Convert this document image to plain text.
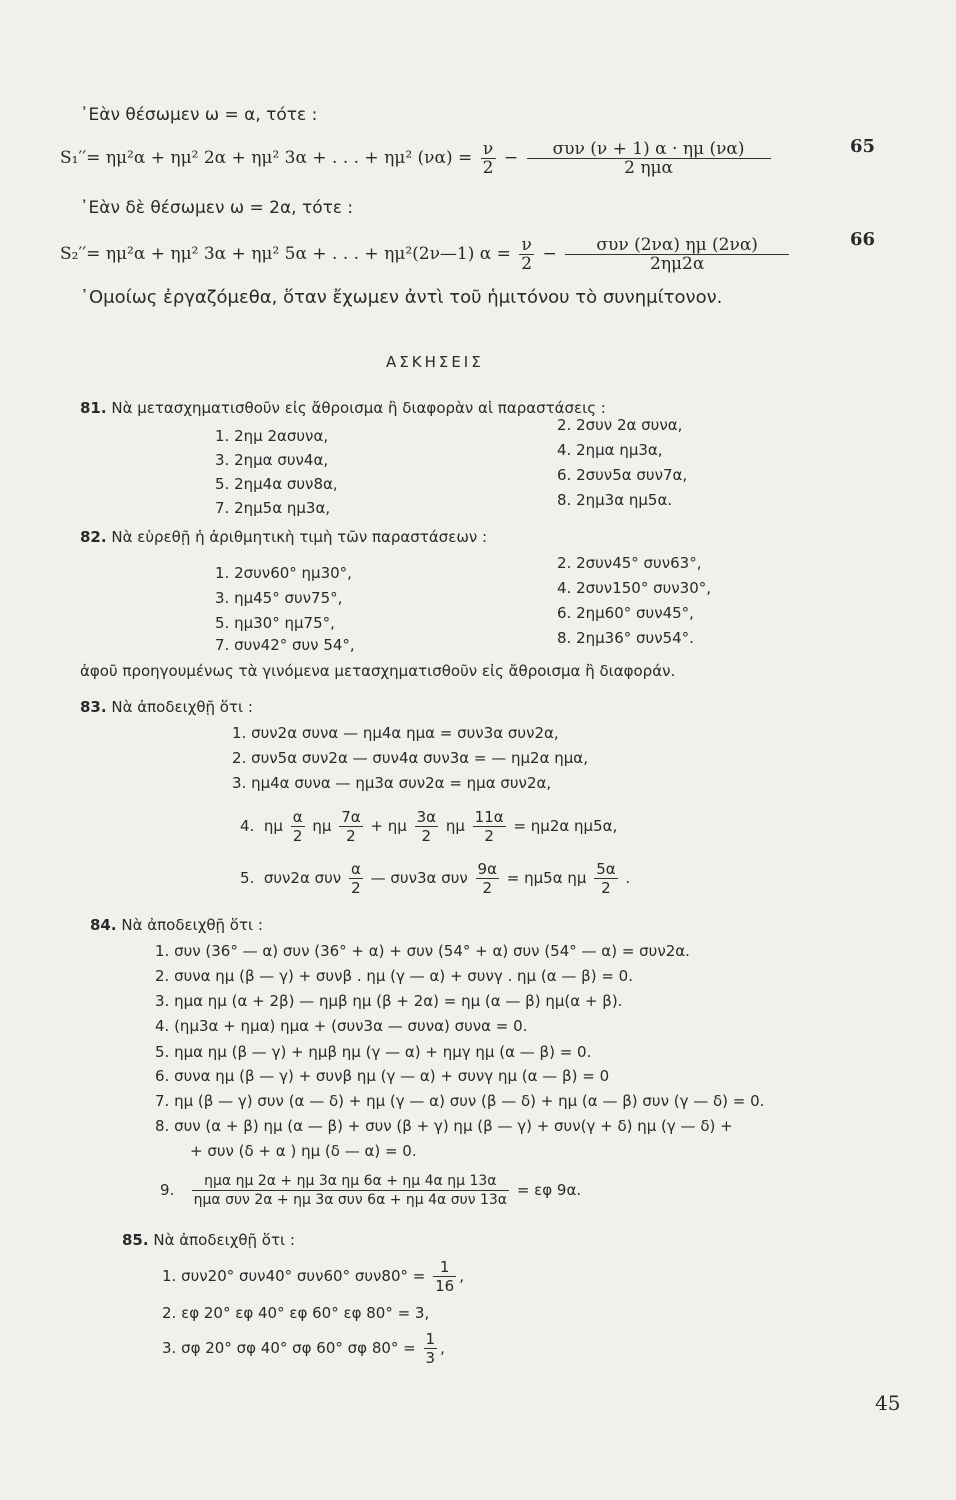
᾽Εὰν θέσωμεν ω = α, τότε :
S₁′′= ημ²α + ημ² 2α + ημ² 3α + . . . + ημ² $(\nu\alpha) = \frac{\nu}{2} - \frac{\text{συν (ν + 1) α · ημ (να)}}{\text{2 ημα}}$	65
᾽Εὰν δὲ θέσωμεν ω = 2α, τότε :
S₂′′= ημ²α + ημ² 3α + ημ² 5α + . . . + ημ²(2ν—1) $\alpha = \frac{\nu}{2} - \frac{\text{συν (2να) ημ (2να)}}{2\eta\mu 2\alpha}$	66
῾Ομοίως ἐργαζόμεθα, ὅταν ἔχωμεν ἀντὶ τοῦ ἡμιτόνου τὸ συνημίτονον.
ΑΣΚΗΣΕΙΣ
81. Νὰ μετασχηματισθοῦν εἰς ἄθροισμα ἢ διαφορὰν αἱ παραστάσεις :
1. 2ημ 2ασυνα,
3. 2ημα συν4α,
5. 2ημ4α συν8α,
7. 2ημ5α ημ3α,
2. 2συν 2α συνα,
4. 2ημα ημ3α,
6. 2συν5α συν7α,
8. 2ημ3α ημ5α.
82. Νὰ εὑρεθῇ ἡ ἀριθμητικὴ τιμὴ τῶν παραστάσεων :
1. 2συν60° ημ30°,
3. ημ45° συν75°,
5. ημ30° ημ75°,
7. συν42° συν 54°,
2. 2συν45° συν63°,
4. 2συν150° συν30°,
6. 2ημ60° συν45°,
8. 2ημ36° συν54°.
ἀφοῦ προηγουμένως τὰ γινόμενα μετασχηματισθοῦν εἰς ἄθροισμα ἢ διαφοράν.
83. Νὰ ἀποδειχθῇ ὅτι :
1. συν2α συνα — ημ4α ημα = συν3α συν2α,
2. συν5α συν2α — συν4α συν3α = — ημ2α ημα,
3. ημ4α συνα — ημ3α συν2α = ημα συν2α,
4. ημ $\frac{\alpha}{2}$ ημ $\frac{7\alpha}{2} + \eta\mu \frac{3\alpha}{2}$ ημ $\frac{11\alpha}{2} = \eta\mu 2\alpha$ ημ5α,
5. συν2α συν $\frac{\alpha}{2}$ — συν3α συν $\frac{9\alpha}{2} = \eta\mu 5\alpha$ ημ $\frac{5\alpha}{2}$ .
84. Νὰ ἀποδειχθῇ ὅτι :
1. συν (36° — α) συν (36° + α) + συν (54° + α) συν (54° — α) = συν2α.
2. συνα ημ (β — γ) + συνβ . ημ (γ — α) + συνγ . ημ (α — β) = 0.
3. ημα ημ (α + 2β) — ημβ ημ (β + 2α) = ημ (α — β) ημ(α + β).
4. (ημ3α + ημα) ημα + (συν3α — συνα) συνα = 0.
5. ημα ημ (β — γ) + ημβ ημ (γ — α) + ημγ ημ (α — β) = 0.
6. συνα ημ (β — γ) + συνβ ημ (γ — α) + συνγ ημ (α — β) = 0
7. ημ (β — γ) συν (α — δ) + ημ (γ — α) συν (β — δ) + ημ (α — β) συν (γ — δ) = 0.
8. συν (α + β) ημ (α — β) + συν (β + γ) ημ (β — γ) + συν(γ + δ) ημ (γ — δ) +
+ συν (δ + α ) ημ (δ — α) = 0.
9. $\frac{\text{ημα ημ 2α + ημ 3α ημ 6α + ημ 4α ημ 13α}}{\text{ημα συν 2α + ημ 3α συν 6α + ημ 4α συν 13α}} = \varepsilon\varphi$ 9α.
85. Νὰ ἀποδειχθῇ ὅτι :
1. συν20° συν40° συν60° $\sigma\upsilon\nu 80^\circ = \frac{1}{16}$ ,
2. εφ 20° εφ 40° εφ 60° εφ 80° = 3,
3. σφ 20° σφ 40° σφ 60° σφ $80^\circ = \frac{1}{3}$ ,
45
